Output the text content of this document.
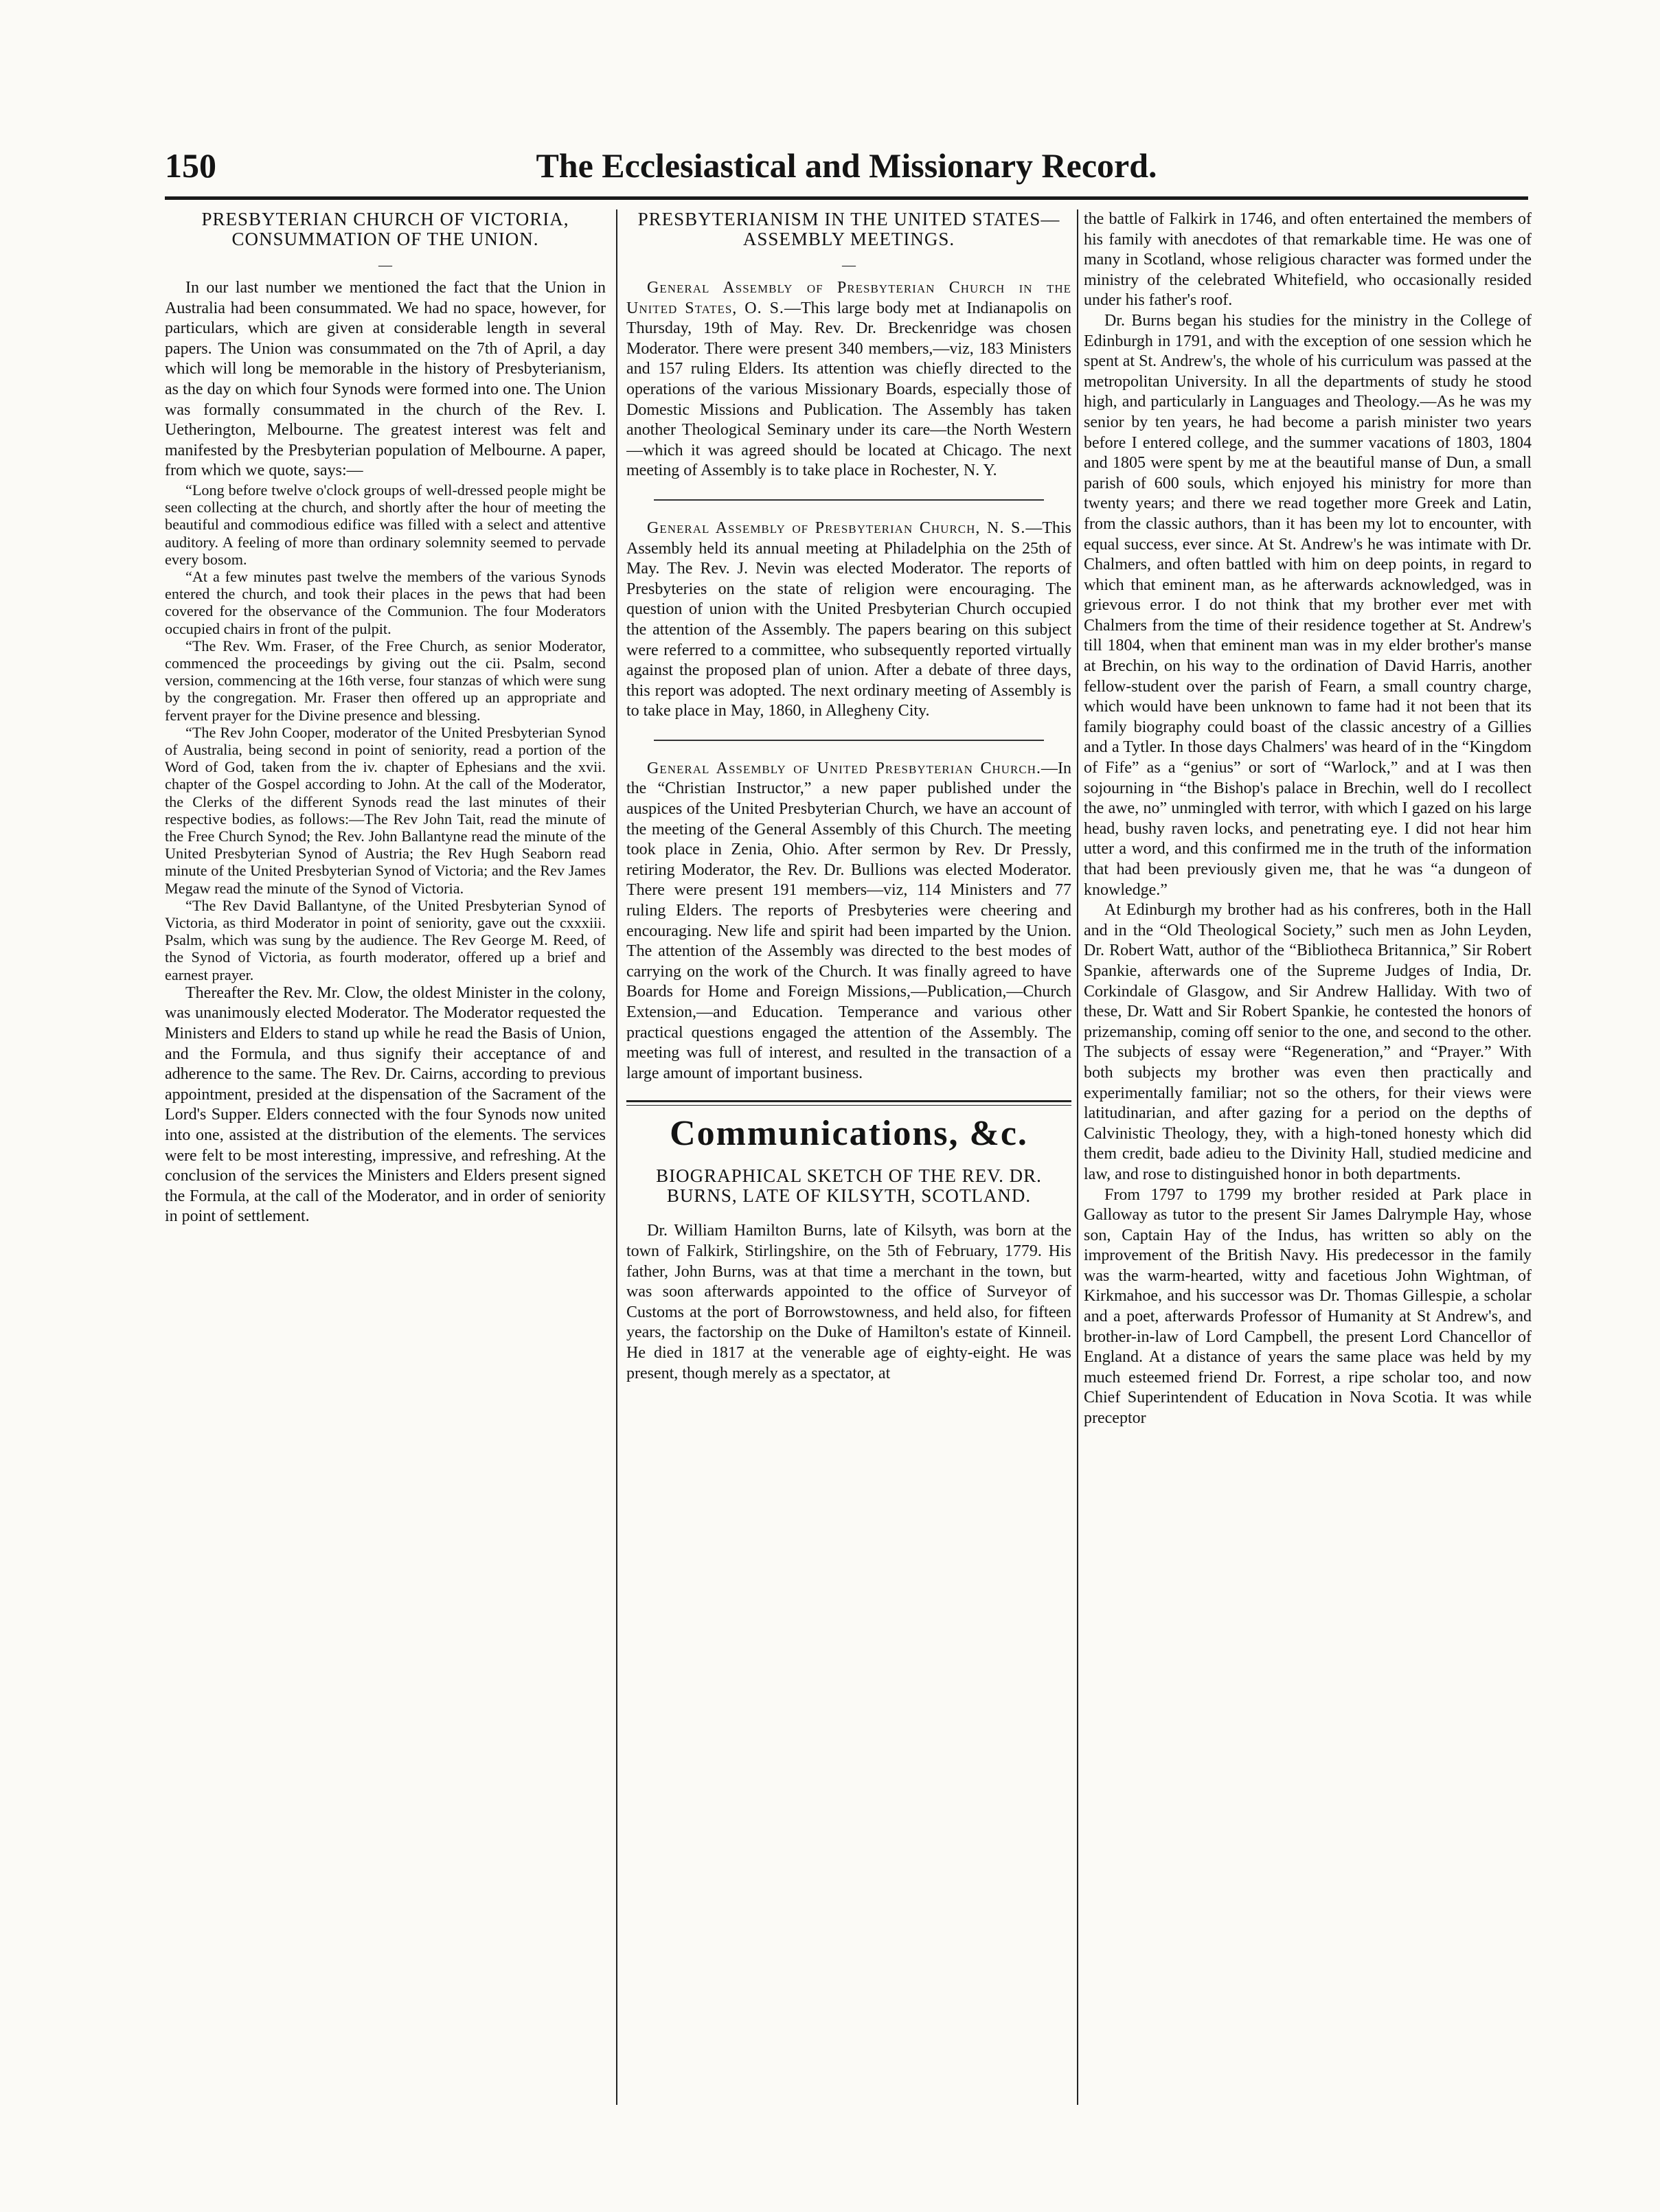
150	The Ecclesiastical and Missionary Record.
PRESBYTERIAN CHURCH OF VICTORIA, CONSUMMATION OF THE UNION.
—

In our last number we mentioned the fact that the Union in Australia had been consummated. We had no space, however, for particulars, which are given at considerable length in several papers. The Union was consummated on the 7th of April, a day which will long be memorable in the history of Presbyterianism, as the day on which four Synods were formed into one. The Union was formally consummated in the church of the Rev. I. Uetherington, Melbourne. The greatest interest was felt and manifested by the Presbyterian population of Melbourne. A paper, from which we quote, says:—

“Long before twelve o'clock groups of well-dressed people might be seen collecting at the church, and shortly after the hour of meeting the beautiful and commodious edifice was filled with a select and attentive auditory. A feeling of more than ordinary solemnity seemed to pervade every bosom.

“At a few minutes past twelve the members of the various Synods entered the church, and took their places in the pews that had been covered for the observance of the Communion. The four Moderators occupied chairs in front of the pulpit.

“The Rev. Wm. Fraser, of the Free Church, as senior Moderator, commenced the proceedings by giving out the cii. Psalm, second version, commencing at the 16th verse, four stanzas of which were sung by the congregation. Mr. Fraser then offered up an appropriate and fervent prayer for the Divine presence and blessing.

“The Rev John Cooper, moderator of the United Presbyterian Synod of Australia, being second in point of seniority, read a portion of the Word of God, taken from the iv. chapter of Ephesians and the xvii. chapter of the Gospel according to John. At the call of the Moderator, the Clerks of the different Synods read the last minutes of their respective bodies, as follows:—The Rev John Tait, read the minute of the Free Church Synod; the Rev. John Ballantyne read the minute of the United Presbyterian Synod of Austria; the Rev Hugh Seaborn read minute of the United Presbyterian Synod of Victoria; and the Rev James Megaw read the minute of the Synod of Victoria.

“The Rev David Ballantyne, of the United Presbyterian Synod of Victoria, as third Moderator in point of seniority, gave out the cxxxiii. Psalm, which was sung by the audience. The Rev George M. Reed, of the Synod of Victoria, as fourth moderator, offered up a brief and earnest prayer.

Thereafter the Rev. Mr. Clow, the oldest Minister in the colony, was unanimously elected Moderator. The Moderator requested the Ministers and Elders to stand up while he read the Basis of Union, and the Formula, and thus signify their acceptance of and adherence to the same. The Rev. Dr. Cairns, according to previous appointment, presided at the dispensation of the Sacrament of the Lord's Supper. Elders connected with the four Synods now united into one, assisted at the distribution of the elements. The services were felt to be most interesting, impressive, and refreshing. At the conclusion of the services the Ministers and Elders present signed the Formula, at the call of the Moderator, and in order of seniority in point of settlement.

PRESBYTERIANISM IN THE UNITED STATES—ASSEMBLY MEETINGS.
—

General Assembly of Presbyterian Church in the United States, O. S.—This large body met at Indianapolis on Thursday, 19th of May. Rev. Dr. Breckenridge was chosen Moderator. There were present 340 members,—viz, 183 Ministers and 157 ruling Elders. Its attention was chiefly directed to the operations of the various Missionary Boards, especially those of Domestic Missions and Publication. The Assembly has taken another Theological Seminary under its care—the North Western—which it was agreed should be located at Chicago. The next meeting of Assembly is to take place in Rochester, N. Y.

General Assembly of Presbyterian Church, N. S.—This Assembly held its annual meeting at Philadelphia on the 25th of May. The Rev. J. Nevin was elected Moderator. The reports of Presbyteries on the state of religion were encouraging. The question of union with the United Presbyterian Church occupied the attention of the Assembly. The papers bearing on this subject were referred to a committee, who subsequently reported virtually against the proposed plan of union. After a debate of three days, this report was adopted. The next ordinary meeting of Assembly is to take place in May, 1860, in Allegheny City.

General Assembly of United Presbyterian Church.—In the “Christian Instructor,” a new paper published under the auspices of the United Presbyterian Church, we have an account of the meeting of the General Assembly of this Church. The meeting took place in Zenia, Ohio. After sermon by Rev. Dr Pressly, retiring Moderator, the Rev. Dr. Bullions was elected Moderator. There were present 191 members—viz, 114 Ministers and 77 ruling Elders. The reports of Presbyteries were cheering and encouraging. New life and spirit had been imparted by the Union. The attention of the Assembly was directed to the best modes of carrying on the work of the Church. It was finally agreed to have Boards for Home and Foreign Missions,—Publication,—Church Extension,—and Education. Temperance and various other practical questions engaged the attention of the Assembly. The meeting was full of interest, and resulted in the transaction of a large amount of important business.

Communications, &c.
BIOGRAPHICAL SKETCH OF THE REV. DR. BURNS, LATE OF KILSYTH, SCOTLAND.

Dr. William Hamilton Burns, late of Kilsyth, was born at the town of Falkirk, Stirlingshire, on the 5th of February, 1779. His father, John Burns, was at that time a merchant in the town, but was soon afterwards appointed to the office of Surveyor of Customs at the port of Borrowstowness, and held also, for fifteen years, the factorship on the Duke of Hamilton's estate of Kinneil. He died in 1817 at the venerable age of eighty-eight. He was present, though merely as a spectator, at

the battle of Falkirk in 1746, and often entertained the members of his family with anecdotes of that remarkable time. He was one of many in Scotland, whose religious character was formed under the ministry of the celebrated Whitefield, who occasionally resided under his father's roof.

Dr. Burns began his studies for the ministry in the College of Edinburgh in 1791, and with the exception of one session which he spent at St. Andrew's, the whole of his curriculum was passed at the metropolitan University. In all the departments of study he stood high, and particularly in Languages and Theology.—As he was my senior by ten years, he had become a parish minister two years before I entered college, and the summer vacations of 1803, 1804 and 1805 were spent by me at the beautiful manse of Dun, a small parish of 600 souls, which enjoyed his ministry for more than twenty years; and there we read together more Greek and Latin, from the classic authors, than it has been my lot to encounter, with equal success, ever since. At St. Andrew's he was intimate with Dr. Chalmers, and often battled with him on deep points, in regard to which that eminent man, as he afterwards acknowledged, was in grievous error. I do not think that my brother ever met with Chalmers from the time of their residence together at St. Andrew's till 1804, when that eminent man was in my elder brother's manse at Brechin, on his way to the ordination of David Harris, another fellow-student over the parish of Fearn, a small country charge, which would have been unknown to fame had it not been that its family biography could boast of the classic ancestry of a Gillies and a Tytler. In those days Chalmers' was heard of in the “Kingdom of Fife” as a “genius” or sort of “Warlock,” and at I was then sojourning in “the Bishop's palace in Brechin, well do I recollect the awe, no” unmingled with terror, with which I gazed on his large head, bushy raven locks, and penetrating eye. I did not hear him utter a word, and this confirmed me in the truth of the information that had been previously given me, that he was “a dungeon of knowledge.”

At Edinburgh my brother had as his confreres, both in the Hall and in the “Old Theological Society,” such men as John Leyden, Dr. Robert Watt, author of the “Bibliotheca Britannica,” Sir Robert Spankie, afterwards one of the Supreme Judges of India, Dr. Corkindale of Glasgow, and Sir Andrew Halliday. With two of these, Dr. Watt and Sir Robert Spankie, he contested the honors of prizemanship, coming off senior to the one, and second to the other. The subjects of essay were “Regeneration,” and “Prayer.” With both subjects my brother was even then practically and experimentally familiar; not so the others, for their views were latitudinarian, and after gazing for a period on the depths of Calvinistic Theology, they, with a high-toned honesty which did them credit, bade adieu to the Divinity Hall, studied medicine and law, and rose to distinguished honor in both departments.

From 1797 to 1799 my brother resided at Park place in Galloway as tutor to the present Sir James Dalrymple Hay, whose son, Captain Hay of the Indus, has written so ably on the improvement of the British Navy. His predecessor in the family was the warm-hearted, witty and facetious John Wightman, of Kirkmahoe, and his successor was Dr. Thomas Gillespie, a scholar and a poet, afterwards Professor of Humanity at St Andrew's, and brother-in-law of Lord Campbell, the present Lord Chancellor of England. At a distance of years the same place was held by my much esteemed friend Dr. Forrest, a ripe scholar too, and now Chief Superintendent of Education in Nova Scotia. It was while preceptor
